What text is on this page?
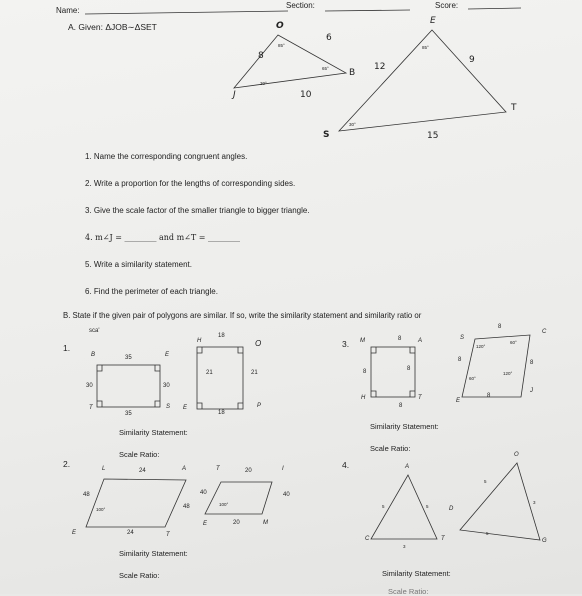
Name:
Section:	Score:
A. Given: ΔJOB∼ΔSET	O
B
J
8
6
10
85°
65°
30°
E
S
T
12
9
15
85°
30°
1. Name the corresponding congruent angles.
2. Write a proportion for the lengths of corresponding sides.
3. Give the scale factor of the smaller triangle to bigger triangle.
4. m∠J = ________ and m∠T = ________
5. Write a similarity statement.
6. Find the perimeter of each triangle.
B. State if the given pair of polygons are similar. If so, write the similarity statement and similarity ratio or
sca'
1.
B	E
T	S
35
30	30
35
H	O
E	P
18
21	21
18
Similarity Statement:
Scale Ratio:
2.	L	A
T
E
24
48
48
24
100°
T	I
E	M
20
40	40
20
100°
Similarity Statement:
Scale Ratio:
3. M	A
H	T
8
8	8
8
S
C
E
J
8
8	8
8
120°
60°
60°
120°
Similarity Statement:
Scale Ratio:
4.	A
C	T
5	5
3
O
D
G
5
3
5
Similarity Statement:
Scale Ratio:
